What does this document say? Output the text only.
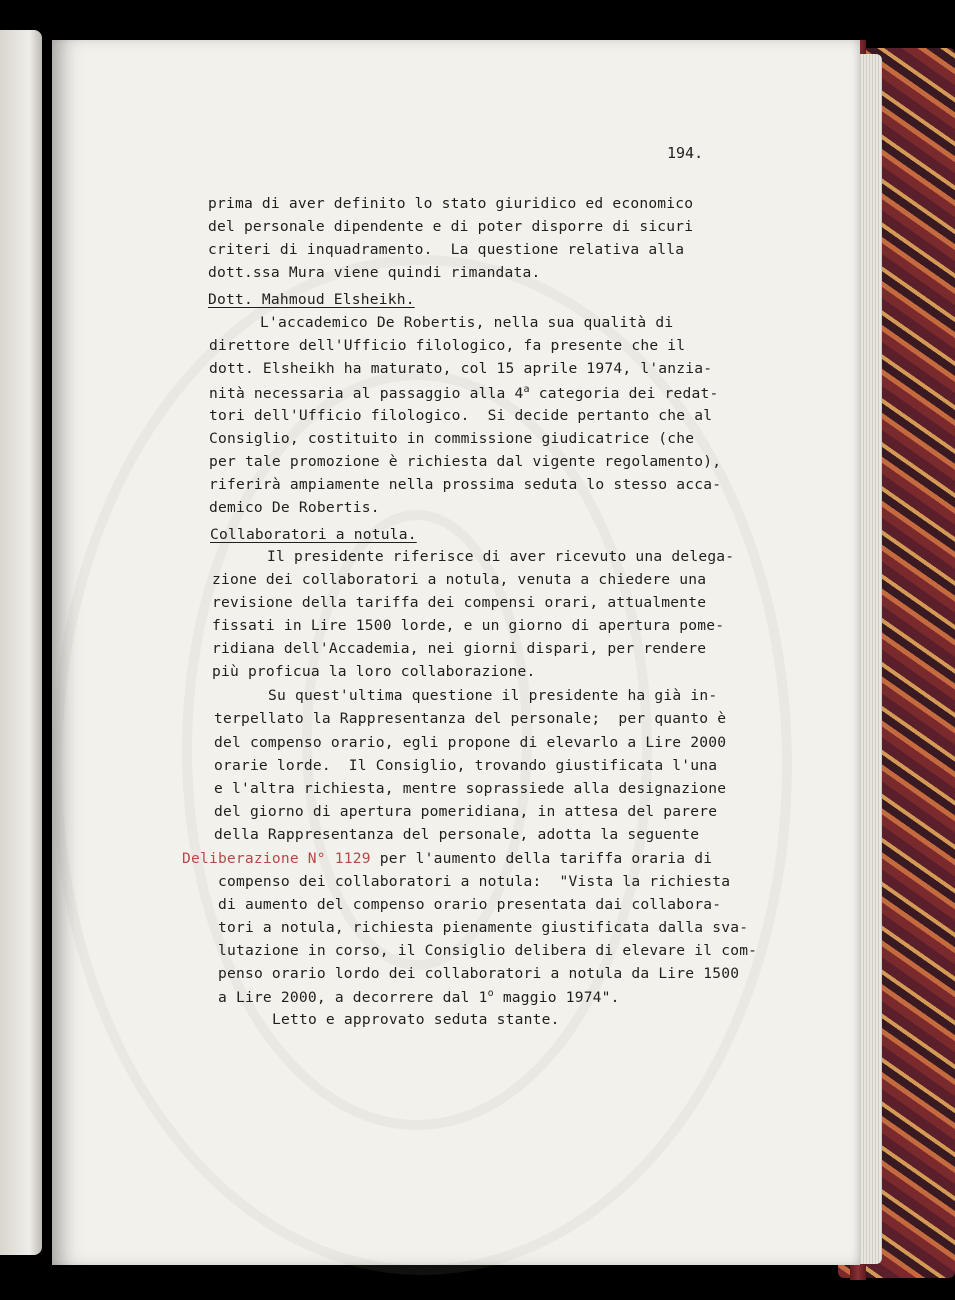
194.
prima di aver definito lo stato giuridico ed economico
del personale dipendente e di poter disporre di sicuri
criteri di inquadramento.  La questione relativa alla
dott.ssa Mura viene quindi rimandata.
Dott. Mahmoud Elsheikh.
L'accademico De Robertis, nella sua qualità di
direttore dell'Ufficio filologico, fa presente che il
dott. Elsheikh ha maturato, col 15 aprile 1974, l'anzia-
nità necessaria al passaggio alla 4$^a$ categoria dei redat-
tori dell'Ufficio filologico.  Si decide pertanto che al
Consiglio, costituito in commissione giudicatrice (che
per tale promozione è richiesta dal vigente regolamento),
riferirà ampiamente nella prossima seduta lo stesso acca-
demico De Robertis.
Collaboratori a notula.
Il presidente riferisce di aver ricevuto una delega-
zione dei collaboratori a notula, venuta a chiedere una
revisione della tariffa dei compensi orari, attualmente
fissati in Lire 1500 lorde, e un giorno di apertura pome-
ridiana dell'Accademia, nei giorni dispari, per rendere
più proficua la loro collaborazione.
Su quest'ultima questione il presidente ha già in-
terpellato la Rappresentanza del personale;  per quanto è
del compenso orario, egli propone di elevarlo a Lire 2000
orarie lorde.  Il Consiglio, trovando giustificata l'una
e l'altra richiesta, mentre soprassiede alla designazione
del giorno di apertura pomeridiana, in attesa del parere
della Rappresentanza del personale, adotta la seguente
Deliberazione N° 1129 per l'aumento della tariffa oraria di
compenso dei collaboratori a notula:  "Vista la richiesta
di aumento del compenso orario presentata dai collabora-
tori a notula, richiesta pienamente giustificata dalla sva-
lutazione in corso, il Consiglio delibera di elevare il com-
penso orario lordo dei collaboratori a notula da Lire 1500
a Lire 2000, a decorrere dal 1$^o$ maggio 1974".
Letto e approvato seduta stante.
